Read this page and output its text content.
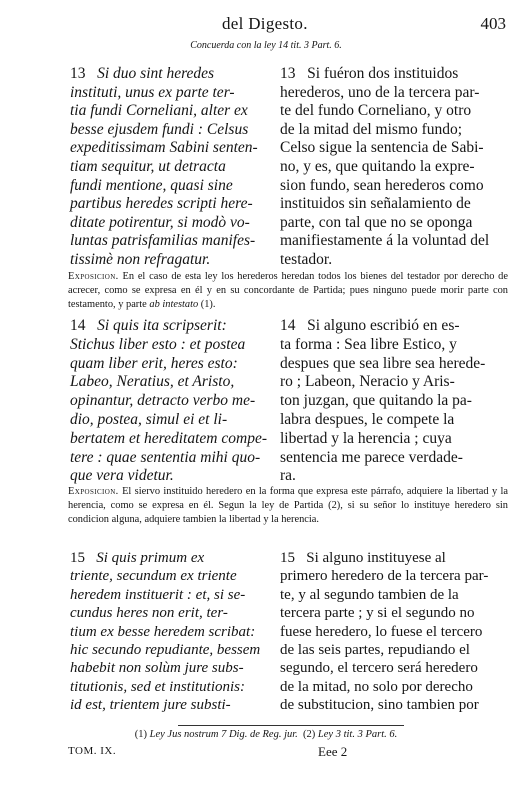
del Digesto.	403
Concuerda con la ley 14 tit. 3 Part. 6.

13 Si duo sint heredes

instituti, unus ex parte ter-

tia fundi Corneliani, alter ex

besse ejusdem fundi : Celsus

expeditissimam Sabini senten-

tiam sequitur, ut detracta

fundi mentione, quasi sine

partibus heredes scripti here-

ditate potirentur, si modò vo-

luntas patrisfamilias manifes-

tissimè non refragatur.

13 Si fuéron dos instituidos

herederos, uno de la tercera par-

te del fundo Corneliano, y otro

de la mitad del mismo fundo;

Celso sigue la sentencia de Sabi-

no, y es, que quitando la expre-

sion fundo, sean herederos como

instituidos sin señalamiento de

parte, con tal que no se oponga

manifiestamente á la voluntad del

testador.

Exposicion. En el caso de esta ley los herederos heredan todos los bienes del testador por derecho de acrecer, como se expresa en él y en su concordante de Partida; pues ninguno puede morir parte con testamento, y parte ab intestato (1).

14 Si quis ita scripserit:

Stichus liber esto : et postea

quam liber erit, heres esto:

Labeo, Neratius, et Aristo,

opinantur, detracto verbo me-

dio, postea, simul ei et li-

bertatem et hereditatem compe-

tere : quae sententia mihi quo-

que vera videtur.

14 Si alguno escribió en es-

ta forma : Sea libre Estico, y

despues que sea libre sea herede-

ro ; Labeon, Neracio y Aris-

ton juzgan, que quitando la pa-

labra despues, le compete la

libertad y la herencia ; cuya

sentencia me parece verdade-

ra.

Exposicion. El siervo instituido heredero en la forma que expresa este párrafo, adquiere la libertad y la herencia, como se expresa en él. Segun la ley de Partida (2), si su señor lo instituye heredero sin condicion alguna, adquiere tambien la libertad y la herencia.

15 Si quis primum ex

triente, secundum ex triente

heredem instituerit : et, si se-

cundus heres non erit, ter-

tium ex besse heredem scribat:

hic secundo repudiante, bessem

habebit non solùm jure subs-

titutionis, sed et institutionis:

id est, trientem jure substi-

15 Si alguno instituyese al

primero heredero de la tercera par-

te, y al segundo tambien de la

tercera parte ; y si el segundo no

fuese heredero, lo fuese el tercero

de las seis partes, repudiando el

segundo, el tercero será heredero

de la mitad, no solo por derecho

de substitucion, sino tambien por

(1) Ley Jus nostrum 7 Dig. de Reg. jur. (2) Ley 3 tit. 3 Part. 6.
TOM. IX.	Eee 2
